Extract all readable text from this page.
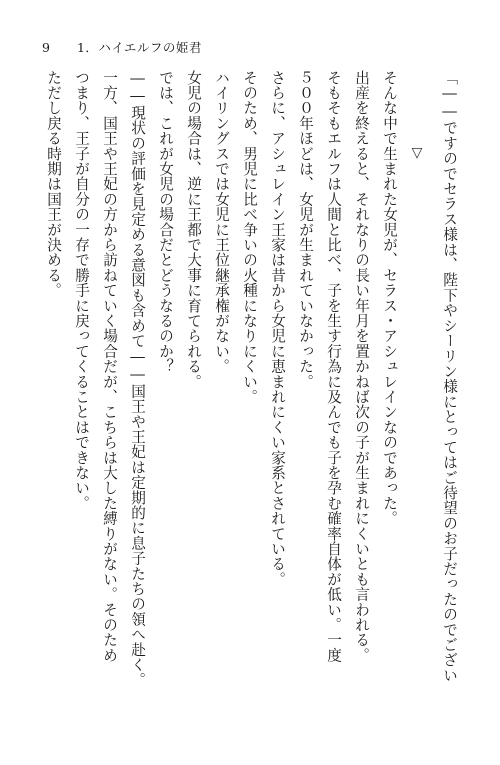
9 1．ハイエルフの姫君
ただし戻る時期は国王が決める。 つまり、王子が自分の一存で勝手に戻ってくることはできない。 一方、国王や王妃の方から訪ねていく場合だが、こちらは大した縛りがない。そのため ――現状の評価を見定める意図も含めて――国王や王妃は定期的に息子たちの領へ赴く。 では、これが女児の場合だとどうなるのか？ 女児の場合は、逆に王都で大事に育てられる。 ハイリングスでは女児に王位継承権がない。 そのため、男児に比べ争いの火種になりにくい。 さらに、アシュレイン王家は昔から女児に恵まれにくい家系とされている。 ５００年ほどは、女児が生まれていなかった。 そもそもエルフは人間と比べ、子を生す行為に及んでも子を孕む確率自体が低い。一度 出産を終えると、それなりの長い年月を置かねば次の子が生まれにくいとも言われる。 そんな中で生まれた女児が、セラス・アシュレインなのであった。 ▽ 「――ですのでセラス様は、陛下やシーリン様にとってはご待望のお子だったのでござい
